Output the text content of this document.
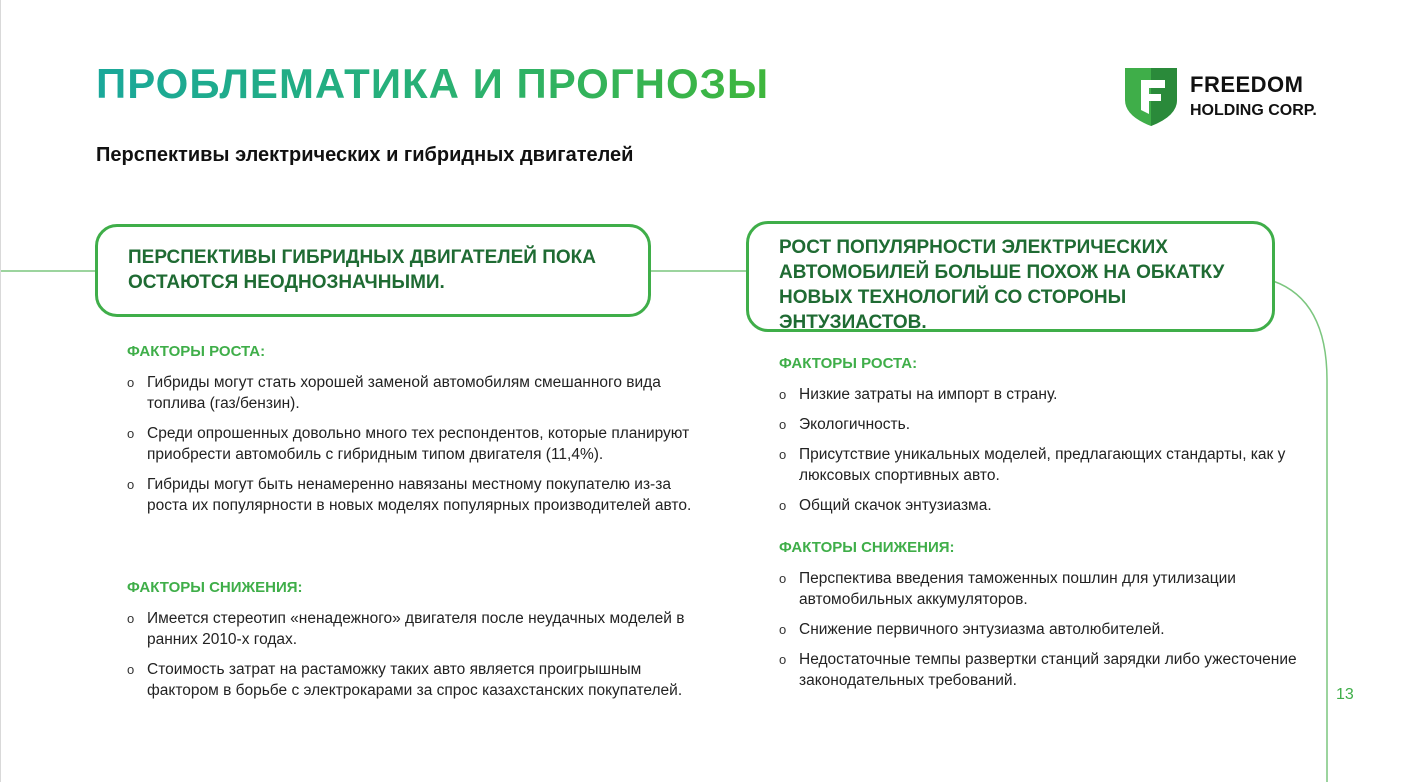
ПРОБЛЕМАТИКА И ПРОГНОЗЫ
Перспективы электрических и гибридных двигателей
FREEDOM
HOLDING CORP.

ПЕРСПЕКТИВЫ ГИБРИДНЫХ ДВИГАТЕЛЕЙ ПОКА ОСТАЮТСЯ НЕОДНОЗНАЧНЫМИ.

РОСТ ПОПУЛЯРНОСТИ ЭЛЕКТРИЧЕСКИХ АВТОМОБИЛЕЙ БОЛЬШЕ ПОХОЖ НА ОБКАТКУ НОВЫХ ТЕХНОЛОГИЙ СО СТОРОНЫ ЭНТУЗИАСТОВ.

ФАКТОРЫ РОСТА:
o Гибриды могут стать хорошей заменой автомобилям смешанного вида топлива (газ/бензин).
o Среди опрошенных довольно много тех респондентов, которые планируют приобрести автомобиль с гибридным типом двигателя (11,4%).
o Гибриды могут быть ненамеренно навязаны местному покупателю из-за роста их популярности в новых моделях популярных производителей авто.
ФАКТОРЫ СНИЖЕНИЯ:
o Имеется стереотип «ненадежного» двигателя после неудачных моделей в ранних 2010-х годах.
o Стоимость затрат на растаможку таких авто является проигрышным фактором в борьбе с электрокарами за спрос казахстанских покупателей.
ФАКТОРЫ РОСТА:
o Низкие затраты на импорт в страну.
o Экологичность.
o Присутствие уникальных моделей, предлагающих стандарты, как у люксовых спортивных авто.
o Общий скачок энтузиазма.
ФАКТОРЫ СНИЖЕНИЯ:
o Перспектива введения таможенных пошлин для утилизации автомобильных аккумуляторов.
o Снижение первичного энтузиазма автолюбителей.
o Недостаточные темпы развертки станций зарядки либо ужесточение законодательных требований.
13
